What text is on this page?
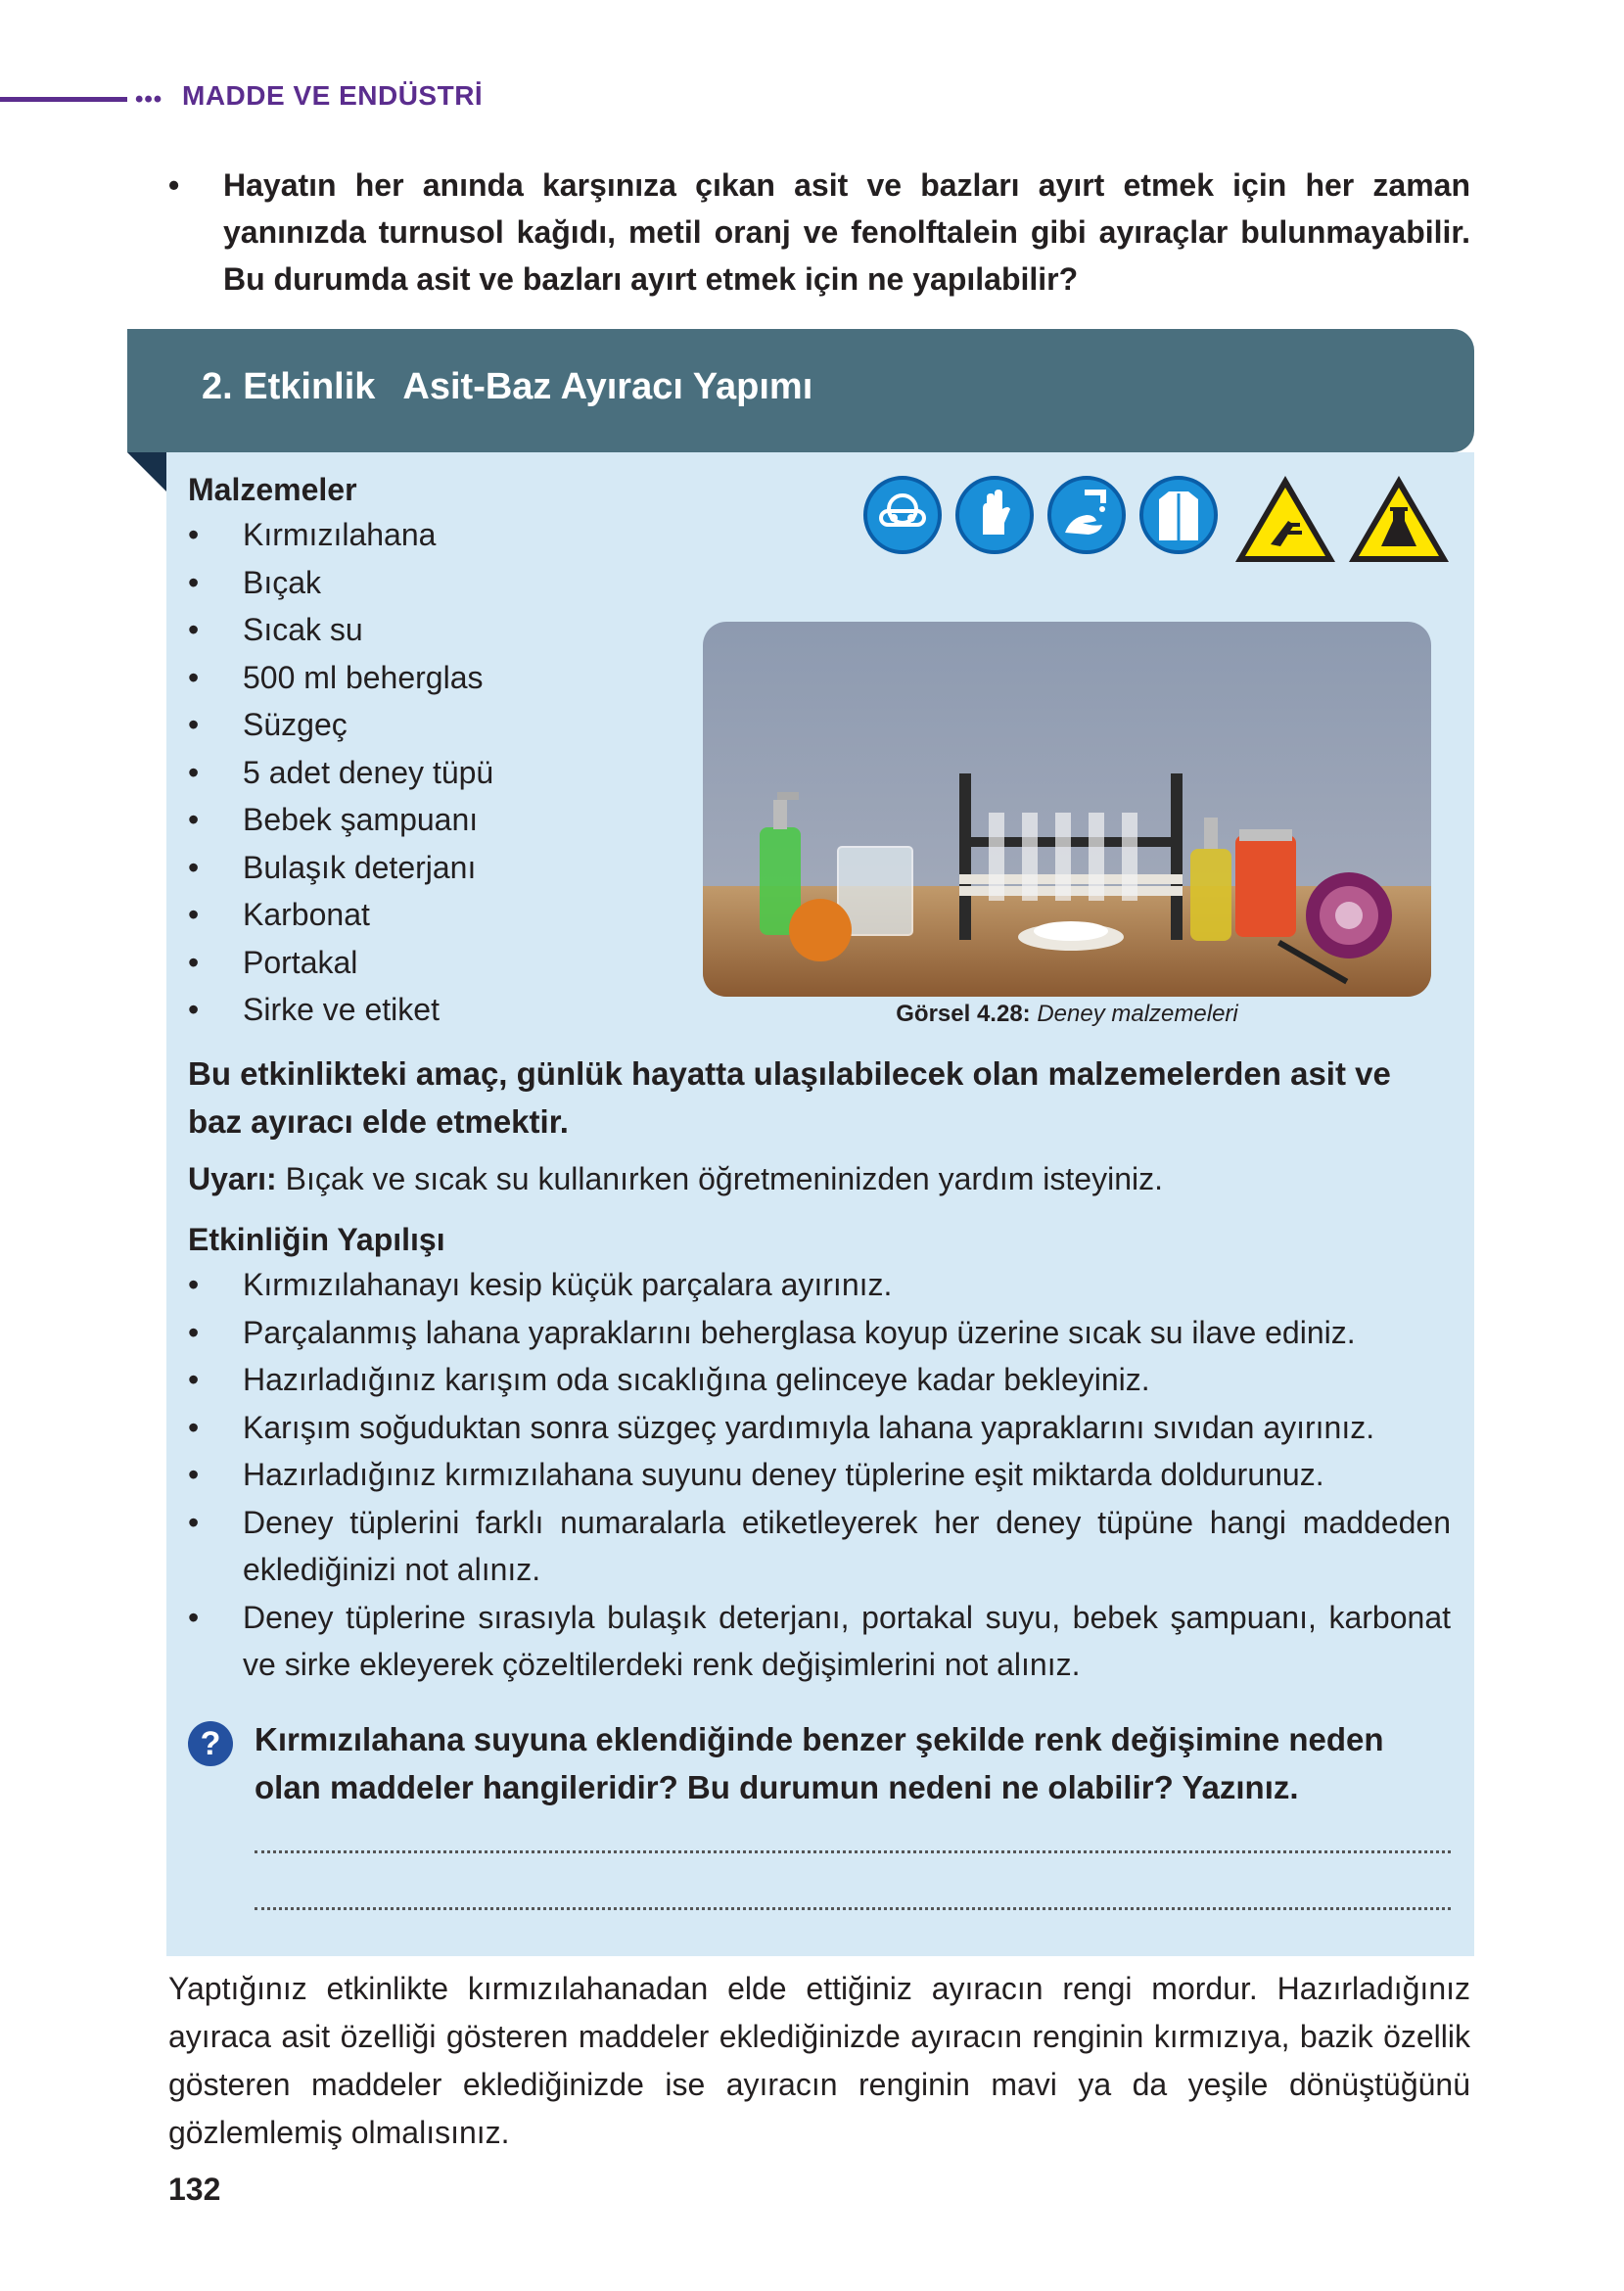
••• MADDE VE ENDÜSTRİ
• Hayatın her anında karşınıza çıkan asit ve bazları ayırt etmek için her zaman yanınızda turnusol kağıdı, metil oranj ve fenolftalein gibi ayıraçlar bulunmayabilir. Bu durumda asit ve bazları ayırt etmek için ne yapılabilir?
2. Etkinlik Asit-Baz Ayıracı Yapımı
Malzemeler
• Kırmızılahana
• Bıçak
• Sıcak su
• 500 ml beherglas
• Süzgeç
• 5 adet deney tüpü
• Bebek şampuanı
• Bulaşık deterjanı
• Karbonat
• Portakal
• Sirke ve etiket	Görsel 4.28: Deney malzemeleri
Bu etkinlikteki amaç, günlük hayatta ulaşılabilecek olan malzemelerden asit ve baz ayıracı elde etmektir.
Uyarı: Bıçak ve sıcak su kullanırken öğretmeninizden yardım isteyiniz.
Etkinliğin Yapılışı
• Kırmızılahanayı kesip küçük parçalara ayırınız.
• Parçalanmış lahana yapraklarını beherglasa koyup üzerine sıcak su ilave ediniz.
• Hazırladığınız karışım oda sıcaklığına gelinceye kadar bekleyiniz.
• Karışım soğuduktan sonra süzgeç yardımıyla lahana yapraklarını sıvıdan ayırınız.
• Hazırladığınız kırmızılahana suyunu deney tüplerine eşit miktarda doldurunuz.
• Deney tüplerini farklı numaralarla etiketleyerek her deney tüpüne hangi maddeden eklediğinizi not alınız.
• Deney tüplerine sırasıyla bulaşık deterjanı, portakal suyu, bebek şampuanı, karbonat ve sirke ekleyerek çözeltilerdeki renk değişimlerini not alınız.
?	Kırmızılahana suyuna eklendiğinde benzer şekilde renk değişimine neden olan maddeler hangileridir? Bu durumun nedeni ne olabilir? Yazınız.
Yaptığınız etkinlikte kırmızılahanadan elde ettiğiniz ayıracın rengi mordur. Hazırladığınız ayıraca asit özelliği gösteren maddeler eklediğinizde ayıracın renginin kırmızıya, bazik özellik gösteren maddeler eklediğinizde ise ayıracın renginin mavi ya da yeşile dönüştüğünü gözlemlemiş olmalısınız.
132
